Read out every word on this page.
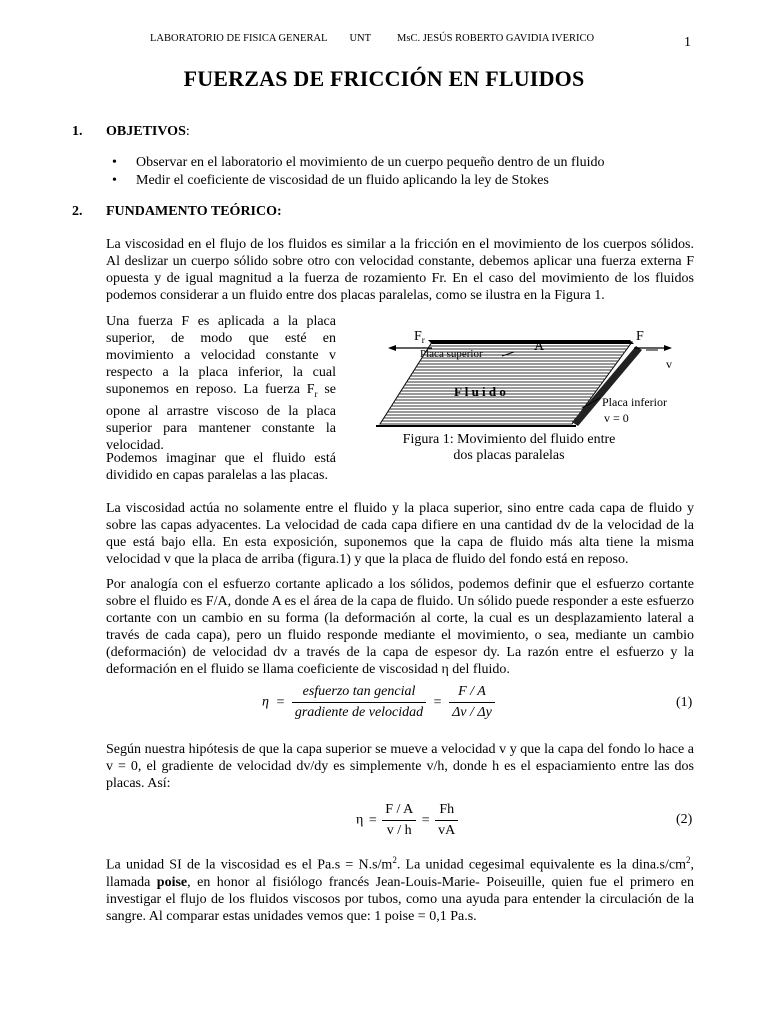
LABORATORIO DE FISICA GENERAL UNT MsC. JESÚS ROBERTO GAVIDIA IVERICO	1
FUERZAS DE FRICCIÓN EN FLUIDOS
1. OBJETIVOS:
• Observar en el laboratorio el movimiento de un cuerpo pequeño dentro de un fluido
• Medir el coeficiente de viscosidad de un fluido aplicando la ley de Stokes
2. FUNDAMENTO TEÓRICO:

La viscosidad en el flujo de los fluidos es similar a la fricción en el movimiento de los cuerpos sólidos. Al deslizar un cuerpo sólido sobre otro con velocidad constante, debemos aplicar una fuerza externa F opuesta y de igual magnitud a la fuerza de rozamiento Fr. En el caso del movimiento de los fluidos podemos considerar a un fluido entre dos placas paralelas, como se ilustra en la Figura 1.

Una fuerza F es aplicada a la placa superior, de modo que esté en movimiento a velocidad constante v respecto a la placa inferior, la cual suponemos en reposo. La fuerza $F_r$ se opone al arrastre viscoso de la placa superior para mantener constante la velocidad.

Podemos imaginar que el fluido está dividido en capas paralelas a las placas.

$F_r$	F
A
v
Placa superior
F l u i d o
Placa inferior
v = 0
Figura 1: Movimiento del fluido entre
dos placas paralelas

La viscosidad actúa no solamente entre el fluido y la placa superior, sino entre cada capa de fluido y sobre las capas adyacentes. La velocidad de cada capa difiere en una cantidad dv de la velocidad de la que está bajo ella. En esta exposición, suponemos que la capa de fluido más alta tiene la misma velocidad v que la placa de arriba (figura.1) y que la placa de fluido del fondo está en reposo.

Por analogía con el esfuerzo cortante aplicado a los sólidos, podemos definir que el esfuerzo cortante sobre el fluido es F/A, donde A es el área de la capa de fluido. Un sólido puede responder a este esfuerzo cortante con un cambio en su forma (la deformación al corte, la cual es un desplazamiento lateral a través de cada capa), pero un fluido responde mediante el movimiento, o sea, mediante un cambio (deformación) de velocidad dv a través de la capa de espesor dy. La razón entre el esfuerzo y la deformación en el fluido se llama coeficiente de viscosidad η del fluido.

$\eta = \frac{\text{esfuerzo tan gencial}}{\text{gradiente de velocidad}} = \frac{F / A}{\Delta v / \Delta y}$	(1)

Según nuestra hipótesis de que la capa superior se mueve a velocidad v y que la capa del fondo lo hace a v = 0, el gradiente de velocidad dv/dy es simplemente v/h, donde h es el espaciamiento entre las dos placas. Así:

$\eta = \frac{F / A}{v / h} = \frac{Fh}{vA}$	(2)

La unidad SI de la viscosidad es el $Pa.s = N.s/m^2$. La unidad cegesimal equivalente es la $dina.s/cm^2$, llamada poise, en honor al fisiólogo francés Jean-Louis-Marie- Poiseuille, quien fue el primero en investigar el flujo de los fluidos viscosos por tubos, como una ayuda para entender la circulación de la sangre. Al comparar estas unidades vemos que: 1 poise = 0,1 Pa.s.
